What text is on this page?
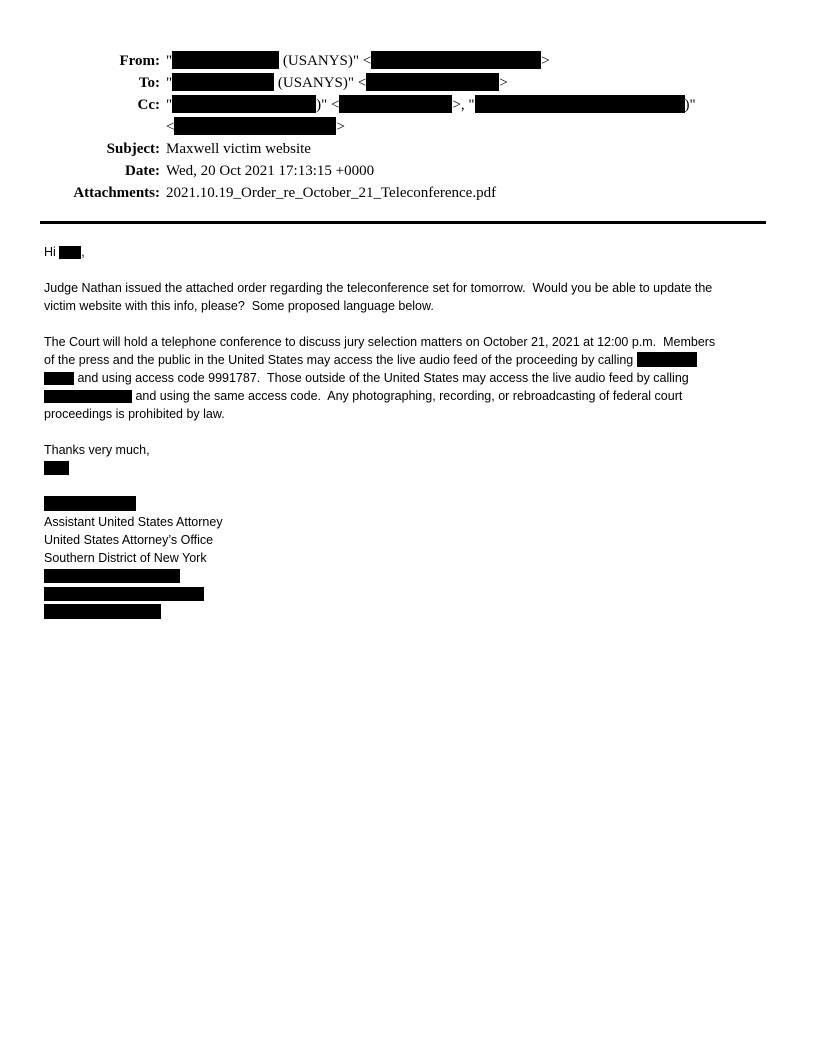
From: "	(USANYS)" <	>
To: "	(USANYS)" <	>
Cc: "	)" <	>, "	)"
<	>
Subject: Maxwell victim website
Date: Wed, 20 Oct 2021 17:13:15 +0000
Attachments: 2021.10.19_Order_re_October_21_Teleconference.pdf
Hi ,
Judge Nathan issued the attached order regarding the teleconference set for tomorrow.  Would you be able to update the
victim website with this info, please?  Some proposed language below.
The Court will hold a telephone conference to discuss jury selection matters on October 21, 2021 at 12:00 p.m.  Members
of the press and the public in the United States may access the live audio feed of the proceeding by calling
and using access code 9991787.  Those outside of the United States may access the live audio feed by calling
and using the same access code.  Any photographing, recording, or rebroadcasting of federal court
proceedings is prohibited by law.
Thanks very much,
Assistant United States Attorney
United States Attorney’s Office
Southern District of New York
